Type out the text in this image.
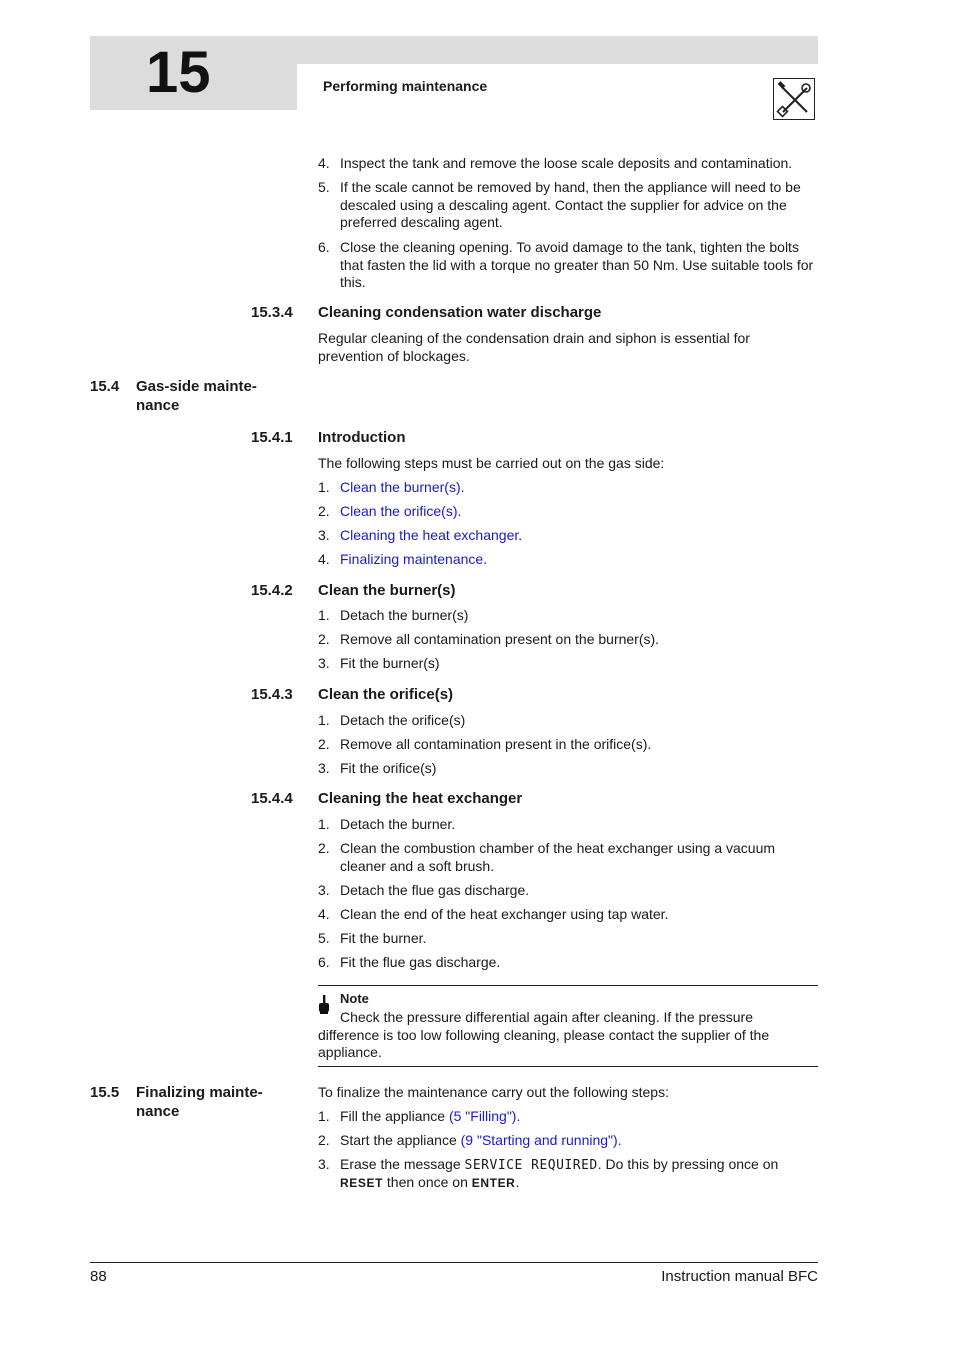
15	Performing maintenance
4. Inspect the tank and remove the loose scale deposits and contamination.
5. If the scale cannot be removed by hand, then the appliance will need to be descaled using a descaling agent. Contact the supplier for advice on the preferred descaling agent.
6. Close the cleaning opening. To avoid damage to the tank, tighten the bolts that fasten the lid with a torque no greater than 50 Nm. Use suitable tools for this.
15.3.4 Cleaning condensation water discharge
Regular cleaning of the condensation drain and siphon is essential for prevention of blockages.
15.4 Gas-side mainte-
nance
15.4.1 Introduction
The following steps must be carried out on the gas side:
1. Clean the burner(s).
2. Clean the orifice(s).
3. Cleaning the heat exchanger.
4. Finalizing maintenance.
15.4.2 Clean the burner(s)
1. Detach the burner(s)
2. Remove all contamination present on the burner(s).
3. Fit the burner(s)
15.4.3 Clean the orifice(s)
1. Detach the orifice(s)
2. Remove all contamination present in the orifice(s).
3. Fit the orifice(s)
15.4.4 Cleaning the heat exchanger
1. Detach the burner.
2. Clean the combustion chamber of the heat exchanger using a vacuum cleaner and a soft brush.
3. Detach the flue gas discharge.
4. Clean the end of the heat exchanger using tap water.
5. Fit the burner.
6. Fit the flue gas discharge.
Note
Check the pressure differential again after cleaning. If the pressure
difference is too low following cleaning, please contact the supplier of the
appliance.
15.5 Finalizing mainte-
nance
To finalize the maintenance carry out the following steps:
1. Fill the appliance (5 "Filling").
2. Start the appliance (9 "Starting and running").
3. Erase the message SERVICE REQUIRED. Do this by pressing once on
RESET then once on ENTER.
88	Instruction manual BFC
